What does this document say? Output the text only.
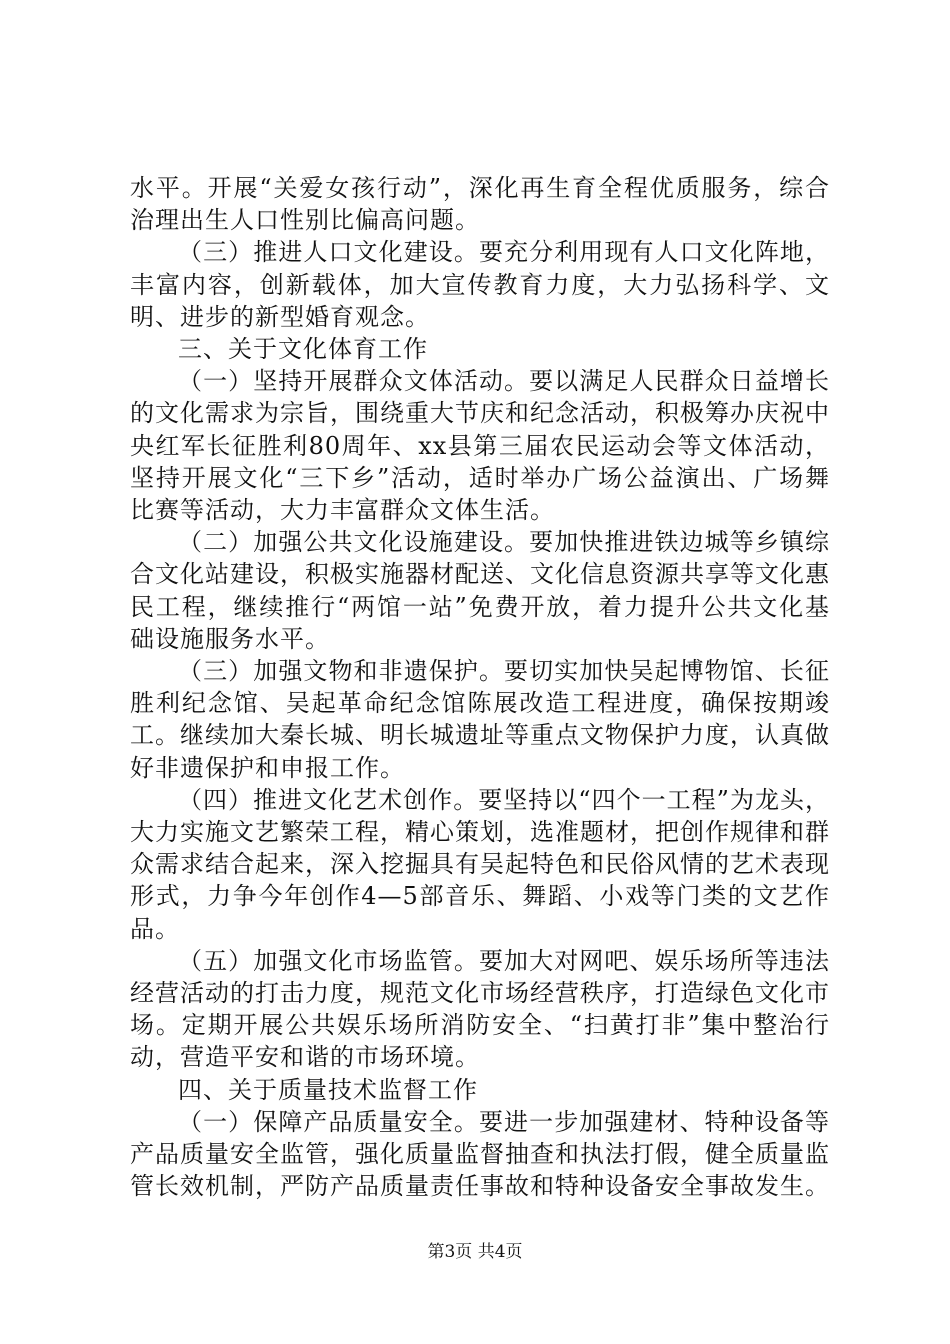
水平。开展“关爱女孩行动”，深化再生育全程优质服务，综合治理出生人口性别比偏高问题。

（三）推进人口文化建设。要充分利用现有人口文化阵地，丰富内容，创新载体，加大宣传教育力度，大力弘扬科学、文明、进步的新型婚育观念。

三、关于文化体育工作

（一）坚持开展群众文体活动。要以满足人民群众日益增长的文化需求为宗旨，围绕重大节庆和纪念活动，积极筹办庆祝中央红军长征胜利80周年、xx县第三届农民运动会等文体活动，坚持开展文化“三下乡”活动，适时举办广场公益演出、广场舞比赛等活动，大力丰富群众文体生活。

（二）加强公共文化设施建设。要加快推进铁边城等乡镇综合文化站建设，积极实施器材配送、文化信息资源共享等文化惠民工程，继续推行“两馆一站”免费开放，着力提升公共文化基础设施服务水平。

（三）加强文物和非遗保护。要切实加快吴起博物馆、长征胜利纪念馆、吴起革命纪念馆陈展改造工程进度，确保按期竣工。继续加大秦长城、明长城遗址等重点文物保护力度，认真做好非遗保护和申报工作。

（四）推进文化艺术创作。要坚持以“四个一工程”为龙头，大力实施文艺繁荣工程，精心策划，选准题材，把创作规律和群众需求结合起来，深入挖掘具有吴起特色和民俗风情的艺术表现形式，力争今年创作4—5部音乐、舞蹈、小戏等门类的文艺作品。

（五）加强文化市场监管。要加大对网吧、娱乐场所等违法经营活动的打击力度，规范文化市场经营秩序，打造绿色文化市场。定期开展公共娱乐场所消防安全、“扫黄打非”集中整治行动，营造平安和谐的市场环境。

四、关于质量技术监督工作

（一）保障产品质量安全。要进一步加强建材、特种设备等产品质量安全监管，强化质量监督抽查和执法打假，健全质量监管长效机制，严防产品质量责任事故和特种设备安全事故发生。

第3页 共4页
